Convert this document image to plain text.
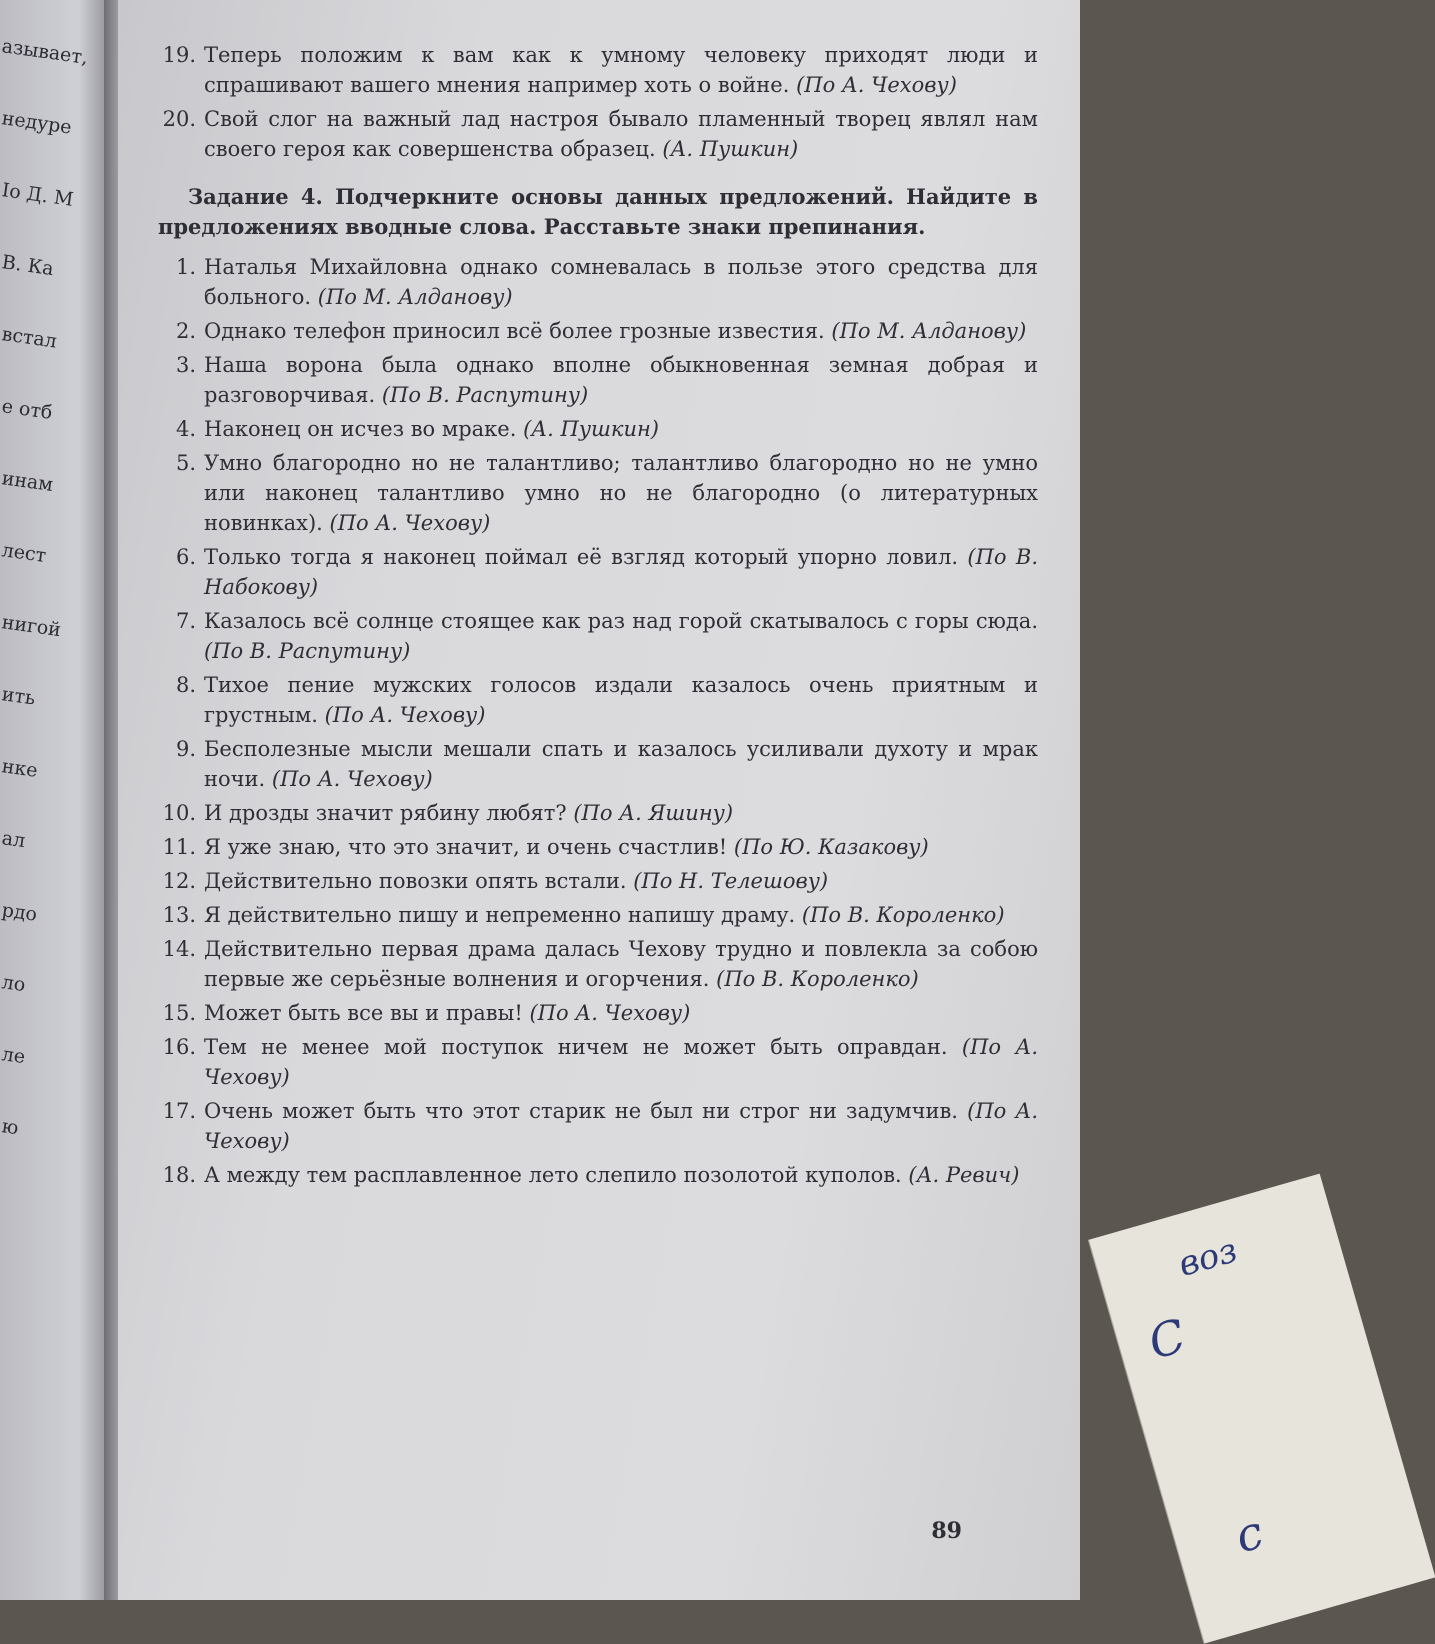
азывает,
недуре
Iо Д. М
В. Ка
встал
е отб
инам
лест
нигой
ить
нке
ал
рдо
ло
ле
ю
19. Теперь положим к вам как к умному человеку приходят люди и спрашивают вашего мнения например хоть о войне. (По А. Чехову)
20. Свой слог на важный лад настроя бывало пламенный творец являл нам своего героя как совершенства образец. (А. Пушкин)
Задание 4. Подчеркните основы данных предложений. Найдите в предложениях вводные слова. Расставьте знаки препинания.
1. Наталья Михайловна однако сомневалась в пользе этого средства для больного. (По М. Алданову)
2. Однако телефон приносил всё более грозные известия. (По М. Алданову)
3. Наша ворона была однако вполне обыкновенная земная добрая и разговорчивая. (По В. Распутину)
4. Наконец он исчез во мраке. (А. Пушкин)
5. Умно благородно но не талантливо; талантливо благородно но не умно или наконец талантливо умно но не благородно (о литературных новинках). (По А. Чехову)
6. Только тогда я наконец поймал её взгляд который упорно ловил. (По В. Набокову)
7. Казалось всё солнце стоящее как раз над горой скатывалось с горы сюда. (По В. Распутину)
8. Тихое пение мужских голосов издали казалось очень приятным и грустным. (По А. Чехову)
9. Бесполезные мысли мешали спать и казалось усиливали духоту и мрак ночи. (По А. Чехову)
10. И дрозды значит рябину любят? (По А. Яшину)
11. Я уже знаю, что это значит, и очень счастлив! (По Ю. Казакову)
12. Действительно повозки опять встали. (По Н. Телешову)
13. Я действительно пишу и непременно напишу драму. (По В. Короленко)
14. Действительно первая драма далась Чехову трудно и повлекла за собою первые же серьёзные волнения и огорчения. (По В. Короленко)
15. Может быть все вы и правы! (По А. Чехову)
16. Тем не менее мой поступок ничем не может быть оправдан. (По А. Чехову)
17. Очень может быть что этот старик не был ни строг ни задумчив. (По А. Чехову)
18. А между тем расплавленное лето слепило позолотой куполов. (А. Ревич)
89
С
воз
с
